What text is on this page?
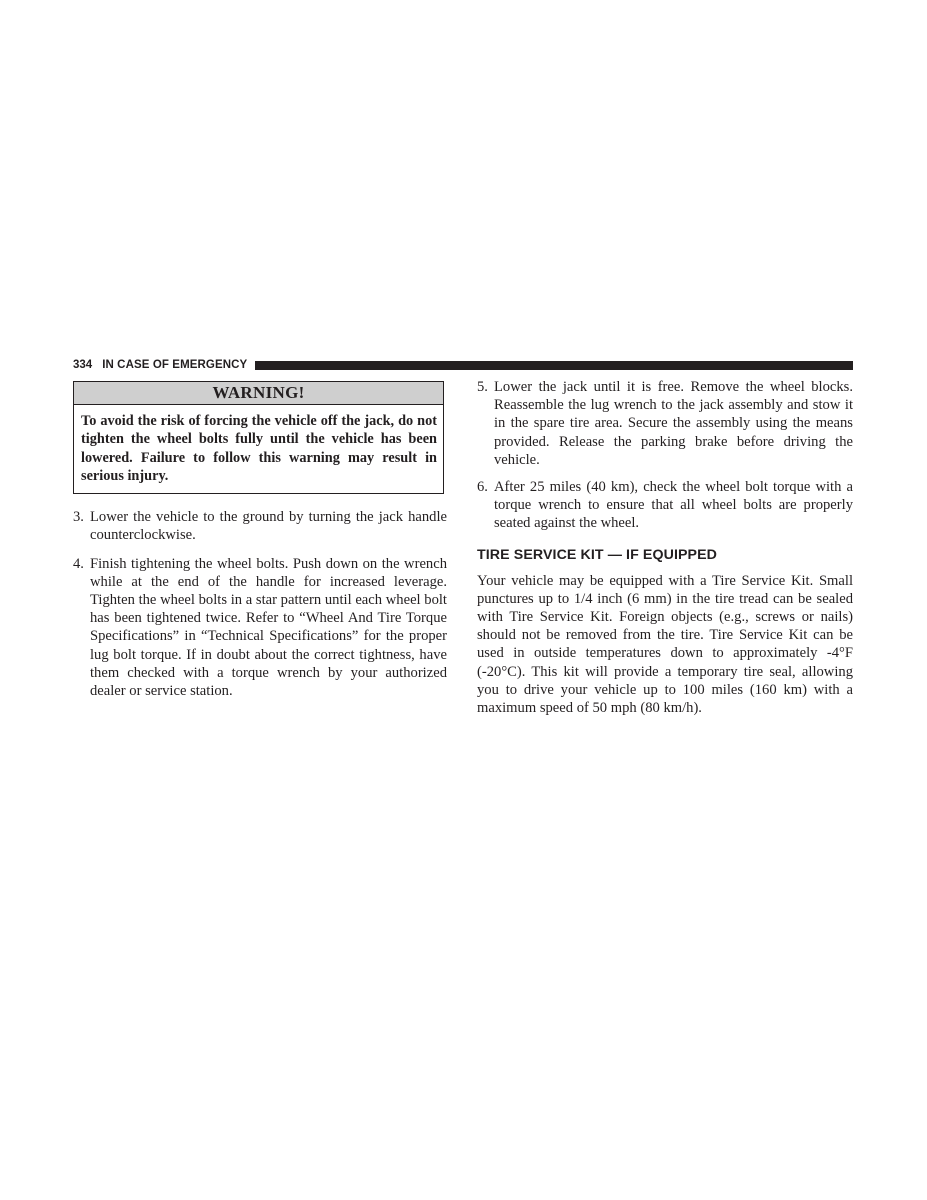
334 IN CASE OF EMERGENCY
WARNING!
To avoid the risk of forcing the vehicle off the jack, do not tighten the wheel bolts fully until the vehicle has been lowered. Failure to follow this warning may result in serious injury.
3. Lower the vehicle to the ground by turning the jack handle counterclockwise.
4. Finish tightening the wheel bolts. Push down on the wrench while at the end of the handle for increased leverage. Tighten the wheel bolts in a star pattern until each wheel bolt has been tightened twice. Refer to “Wheel And Tire Torque Specifications” in “Technical Specifications” for the proper lug bolt torque. If in doubt about the correct tightness, have them checked with a torque wrench by your authorized dealer or service station.
5. Lower the jack until it is free. Remove the wheel blocks. Reassemble the lug wrench to the jack assembly and stow it in the spare tire area. Secure the assembly using the means provided. Release the parking brake before driving the vehicle.
6. After 25 miles (40 km), check the wheel bolt torque with a torque wrench to ensure that all wheel bolts are properly seated against the wheel.
TIRE SERVICE KIT — IF EQUIPPED
Your vehicle may be equipped with a Tire Service Kit. Small punctures up to 1/4 inch (6 mm) in the tire tread can be sealed with Tire Service Kit. Foreign objects (e.g., screws or nails) should not be removed from the tire. Tire Service Kit can be used in outside temperatures down to approximately -4°F (-20°C). This kit will provide a temporary tire seal, allowing you to drive your vehicle up to 100 miles (160 km) with a maximum speed of 50 mph (80 km/h).
